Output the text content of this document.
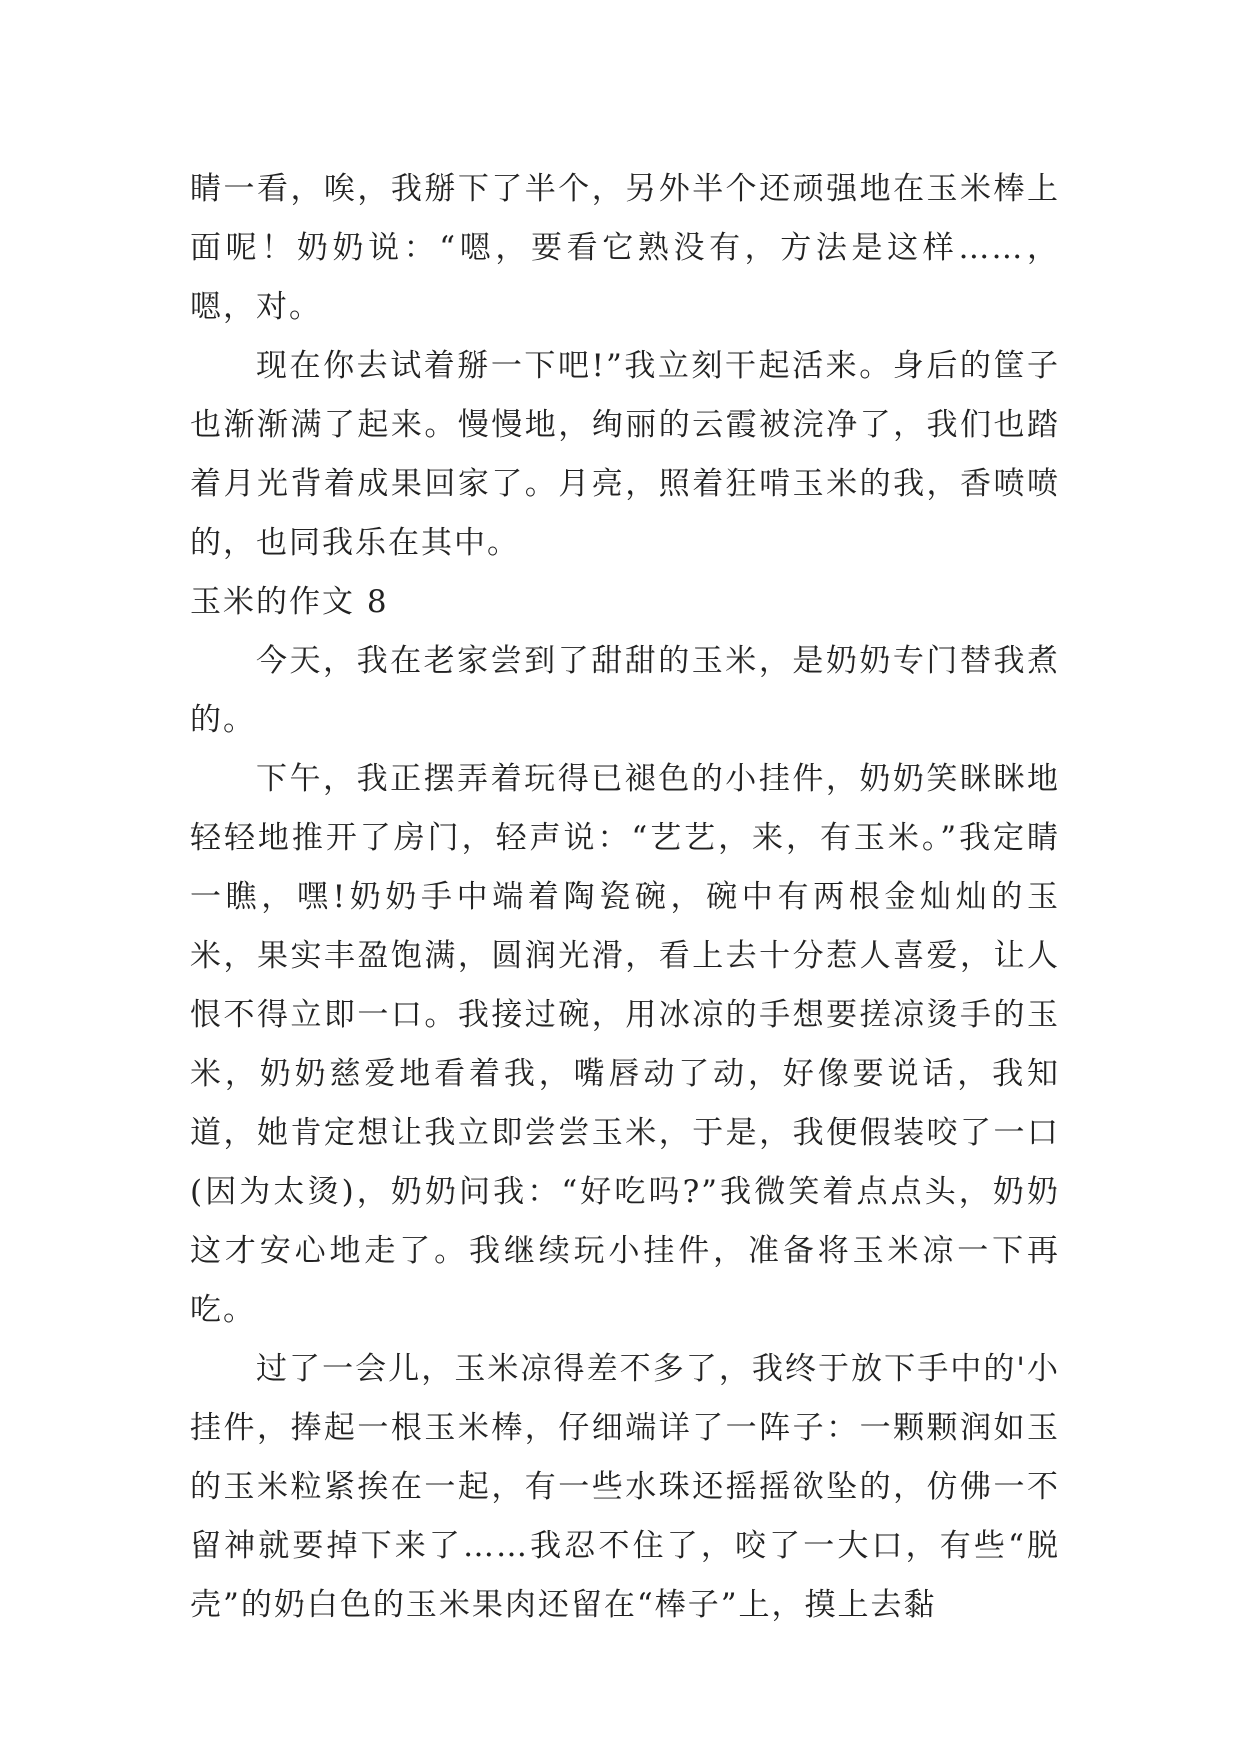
睛一看，唉，我掰下了半个，另外半个还顽强地在玉米棒上面呢！奶奶说：“嗯，要看它熟没有，方法是这样……，嗯，对。

现在你去试着掰一下吧!”我立刻干起活来。身后的筐子也渐渐满了起来。慢慢地，绚丽的云霞被浣净了，我们也踏着月光背着成果回家了。月亮，照着狂啃玉米的我，香喷喷的，也同我乐在其中。

玉米的作文 8

今天，我在老家尝到了甜甜的玉米，是奶奶专门替我煮的。

下午，我正摆弄着玩得已褪色的小挂件，奶奶笑眯眯地轻轻地推开了房门，轻声说：“艺艺，来，有玉米。”我定睛一瞧，嘿!奶奶手中端着陶瓷碗，碗中有两根金灿灿的玉米，果实丰盈饱满，圆润光滑，看上去十分惹人喜爱，让人恨不得立即一口。我接过碗，用冰凉的手想要搓凉烫手的玉米，奶奶慈爱地看着我，嘴唇动了动，好像要说话，我知道，她肯定想让我立即尝尝玉米，于是，我便假装咬了一口(因为太烫)，奶奶问我：“好吃吗?”我微笑着点点头，奶奶这才安心地走了。我继续玩小挂件，准备将玉米凉一下再吃。

过了一会儿，玉米凉得差不多了，我终于放下手中的'小挂件，捧起一根玉米棒，仔细端详了一阵子：一颗颗润如玉的玉米粒紧挨在一起，有一些水珠还摇摇欲坠的，仿佛一不留神就要掉下来了……我忍不住了，咬了一大口，有些“脱壳”的奶白色的玉米果肉还留在“棒子”上，摸上去黏
